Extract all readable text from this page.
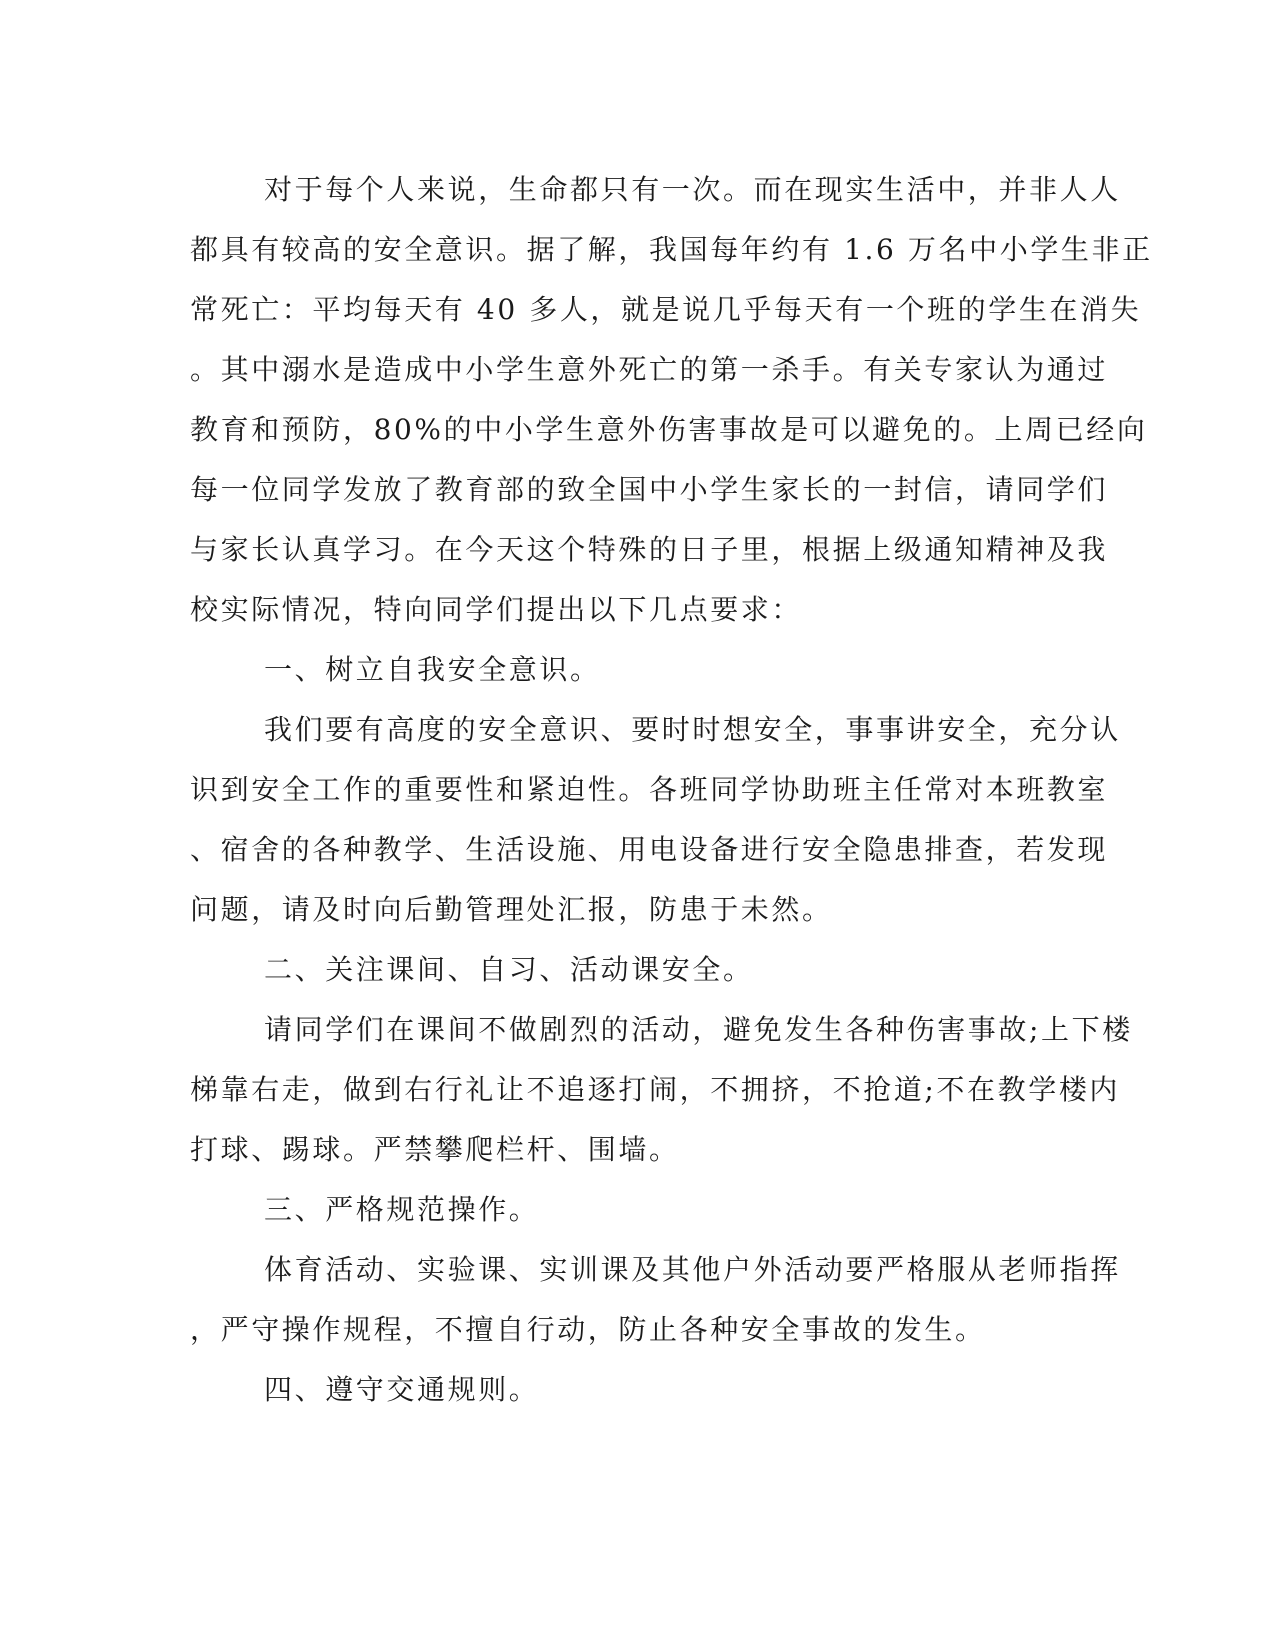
对于每个人来说，生命都只有一次。而在现实生活中，并非人人
都具有较高的安全意识。据了解，我国每年约有 1.6 万名中小学生非正
常死亡：平均每天有 40 多人，就是说几乎每天有一个班的学生在消失
。其中溺水是造成中小学生意外死亡的第一杀手。有关专家认为通过
教育和预防，80%的中小学生意外伤害事故是可以避免的。上周已经向
每一位同学发放了教育部的致全国中小学生家长的一封信，请同学们
与家长认真学习。在今天这个特殊的日子里，根据上级通知精神及我
校实际情况，特向同学们提出以下几点要求：
一、树立自我安全意识。
我们要有高度的安全意识、要时时想安全，事事讲安全，充分认
识到安全工作的重要性和紧迫性。各班同学协助班主任常对本班教室
、宿舍的各种教学、生活设施、用电设备进行安全隐患排查，若发现
问题，请及时向后勤管理处汇报，防患于未然。
二、关注课间、自习、活动课安全。
请同学们在课间不做剧烈的活动，避免发生各种伤害事故;上下楼
梯靠右走，做到右行礼让不追逐打闹，不拥挤，不抢道;不在教学楼内
打球、踢球。严禁攀爬栏杆、围墙。
三、严格规范操作。
体育活动、实验课、实训课及其他户外活动要严格服从老师指挥
，严守操作规程，不擅自行动，防止各种安全事故的发生。
四、遵守交通规则。
